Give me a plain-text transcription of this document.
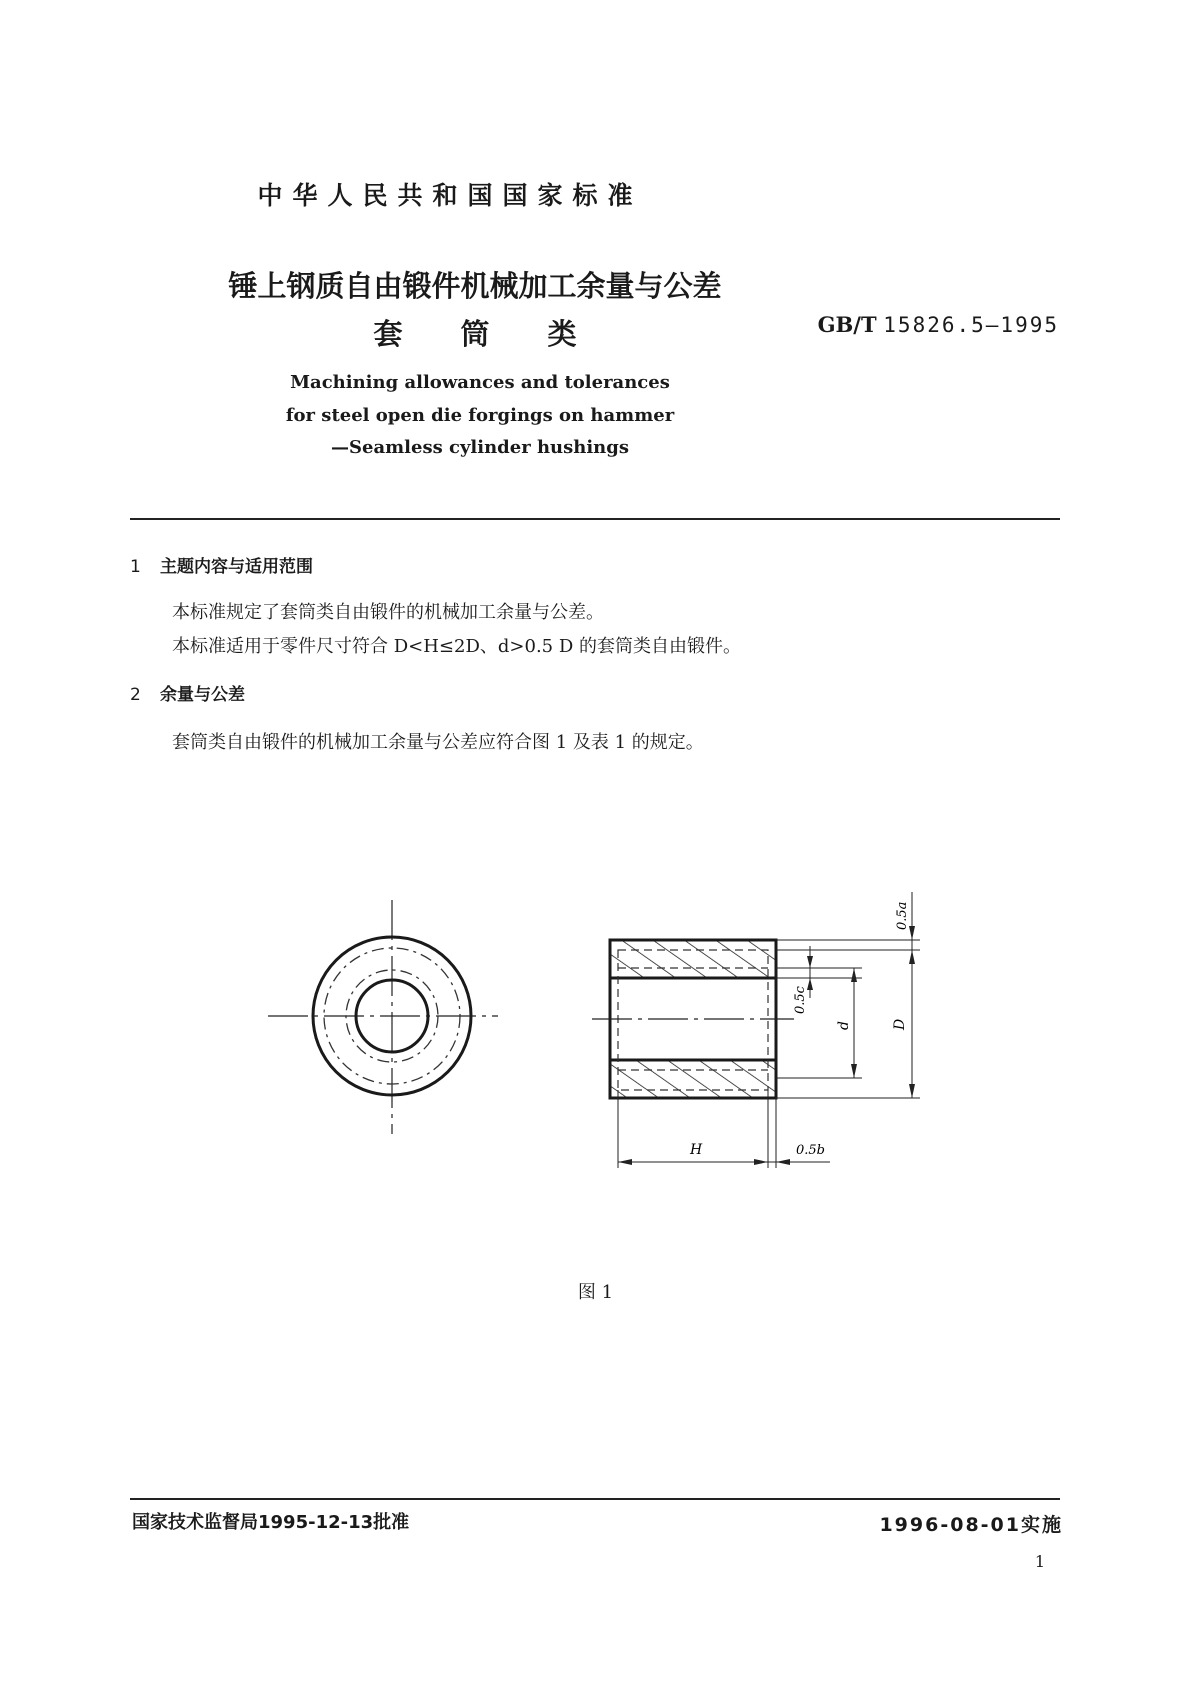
中华人民共和国国家标准
锤上钢质自由锻件机械加工余量与公差
套筒类	GB/T 15826.5—1995
Machining allowances and tolerances
for steel open die forgings on hammer
—Seamless cylinder hushings
1 主题内容与适用范围
本标准规定了套筒类自由锻件的机械加工余量与公差。
本标准适用于零件尺寸符合 D<H≤2D、d>0.5 D 的套筒类自由锻件。
2 余量与公差
套筒类自由锻件的机械加工余量与公差应符合图 1 及表 1 的规定。
0.5a
0.5c
d	D
H	0.5b
图 1
国家技术监督局1995-12-13批准	1996-08-01实施
1
